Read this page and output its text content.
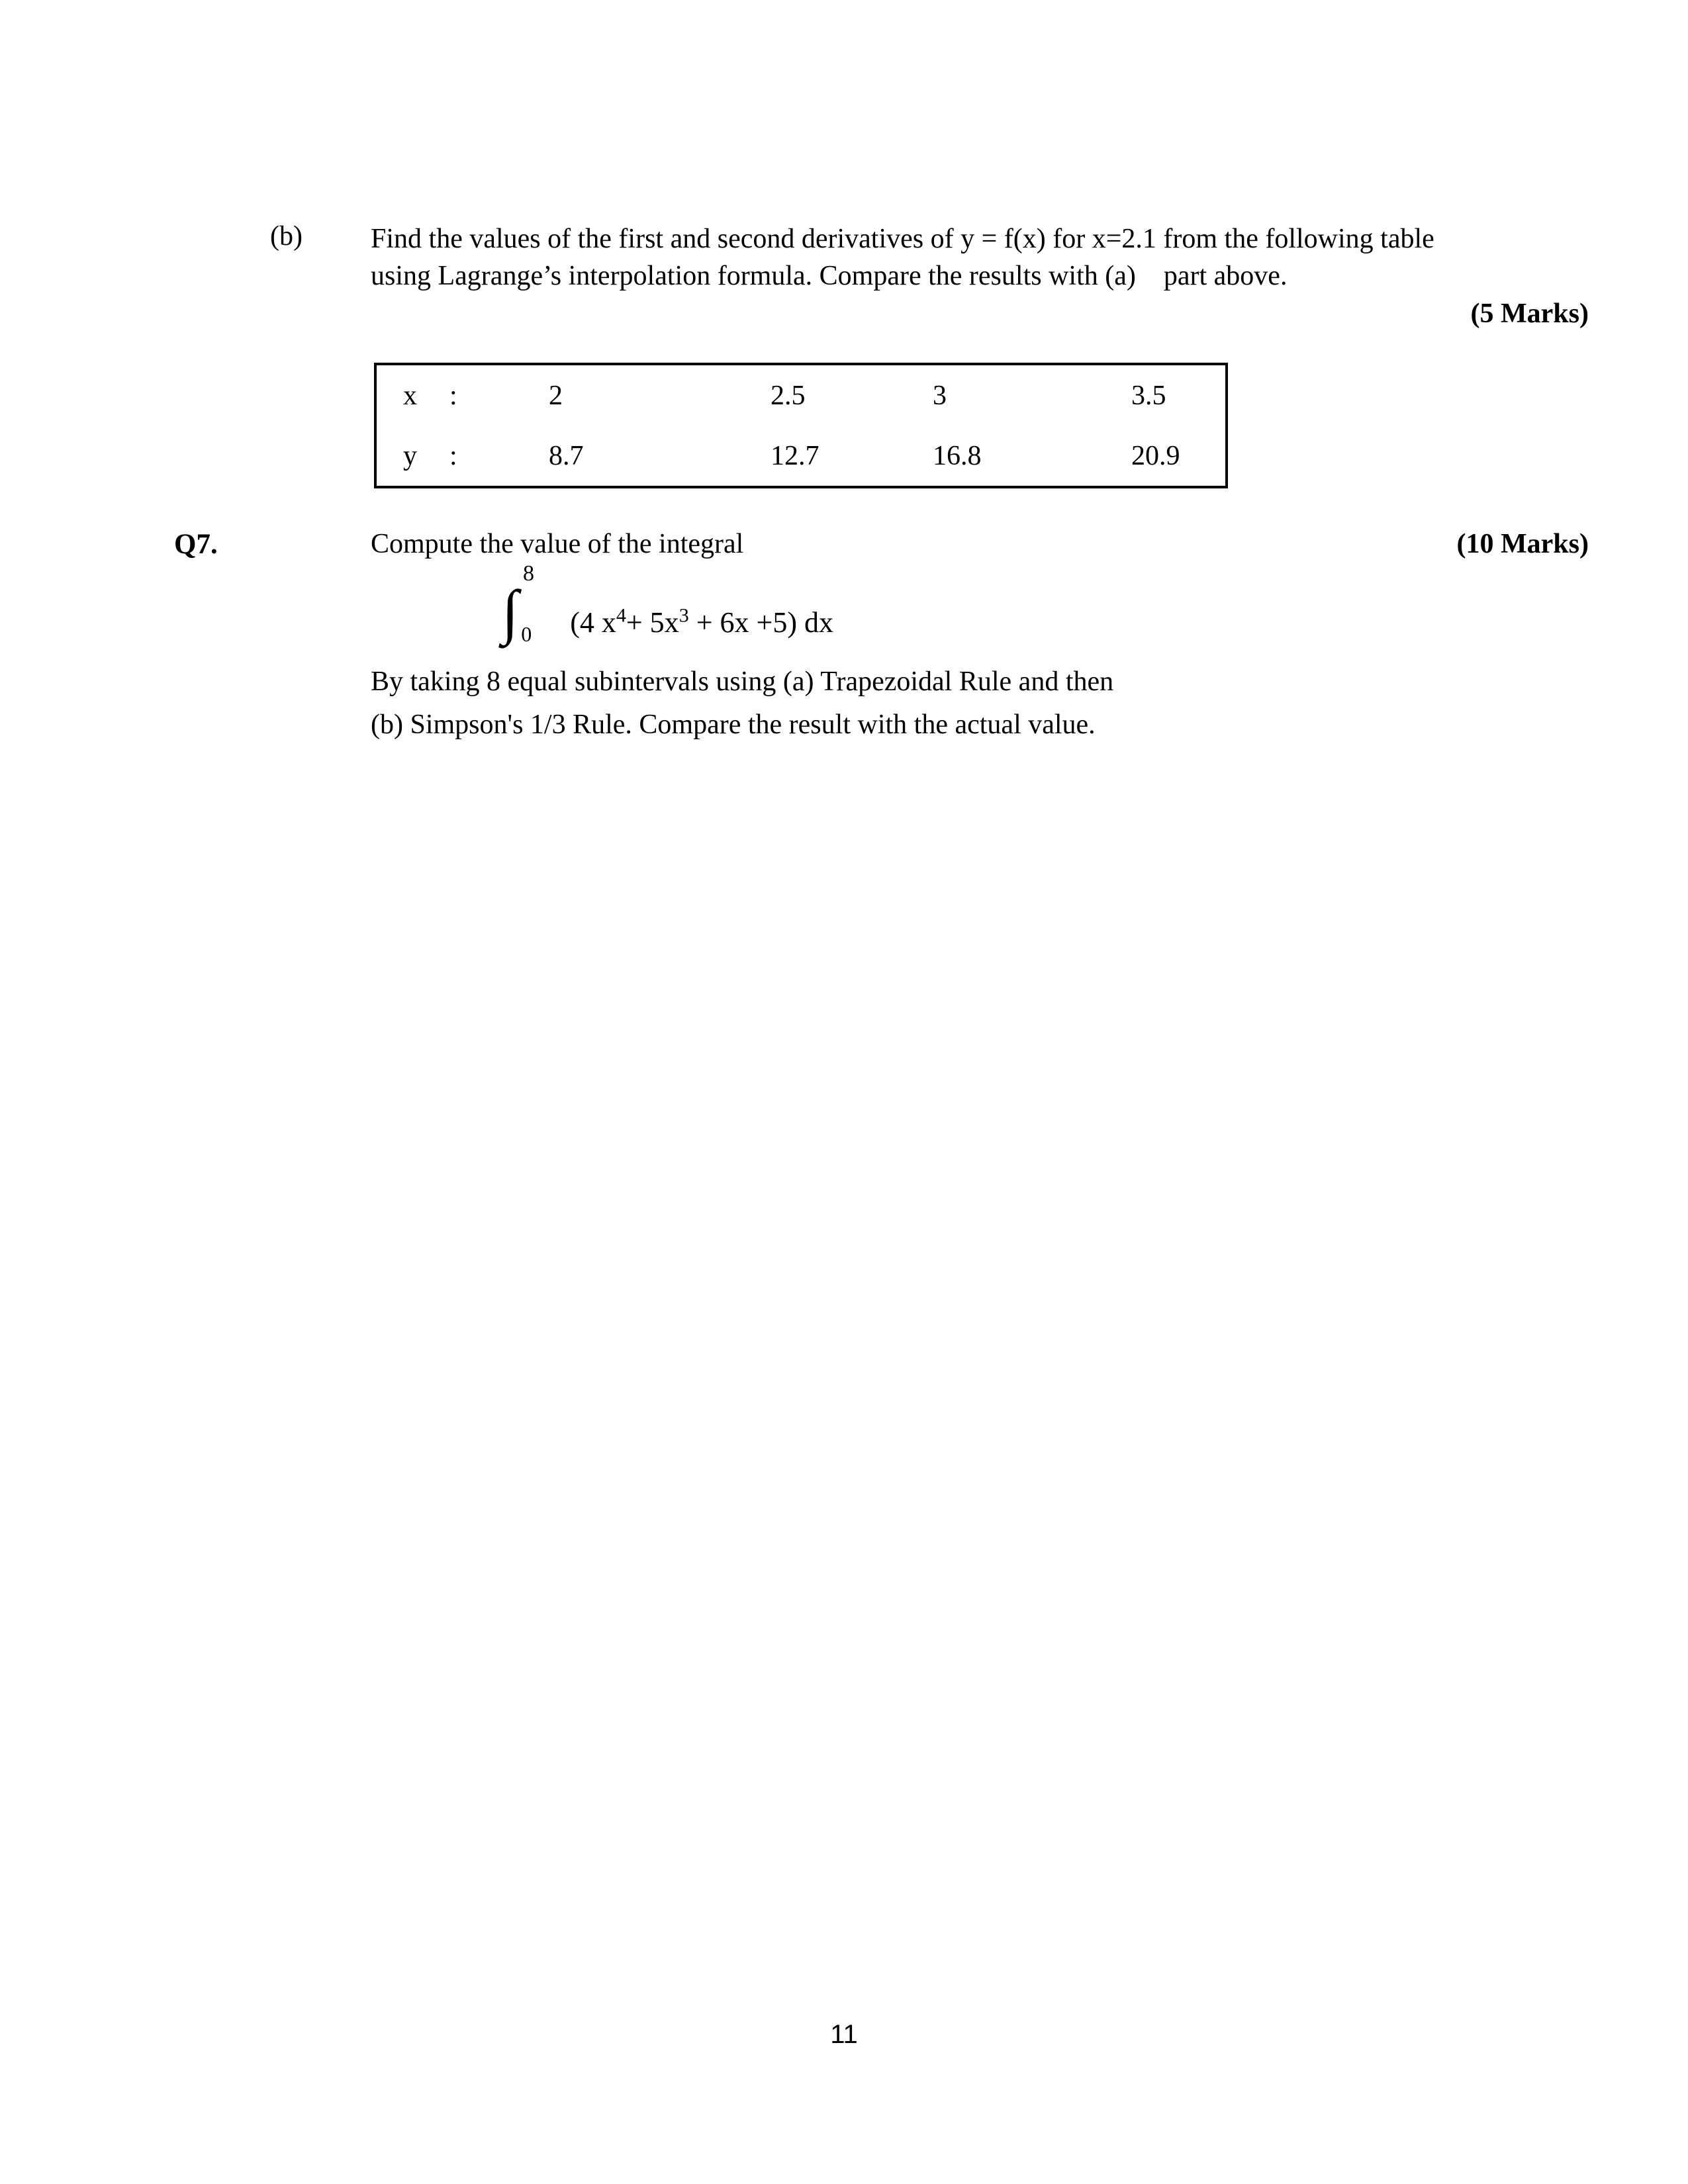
(b) Find the values of the first and second derivatives of y = f(x) for x=2.1 from the following table
using Lagrange’s interpolation formula. Compare the results with (a)    part above.
(5 Marks)
x	:	2	2.5	3	3.5
y	:	8.7	12.7	16.8	20.9
Q7.	Compute the value of the integral	(10 Marks)
8
∫ 0 (4 $x^4+ 5x^3 + 6x +5$) dx
By taking 8 equal subintervals using (a) Trapezoidal Rule and then
(b) Simpson's 1/3 Rule. Compare the result with the actual value.
11
